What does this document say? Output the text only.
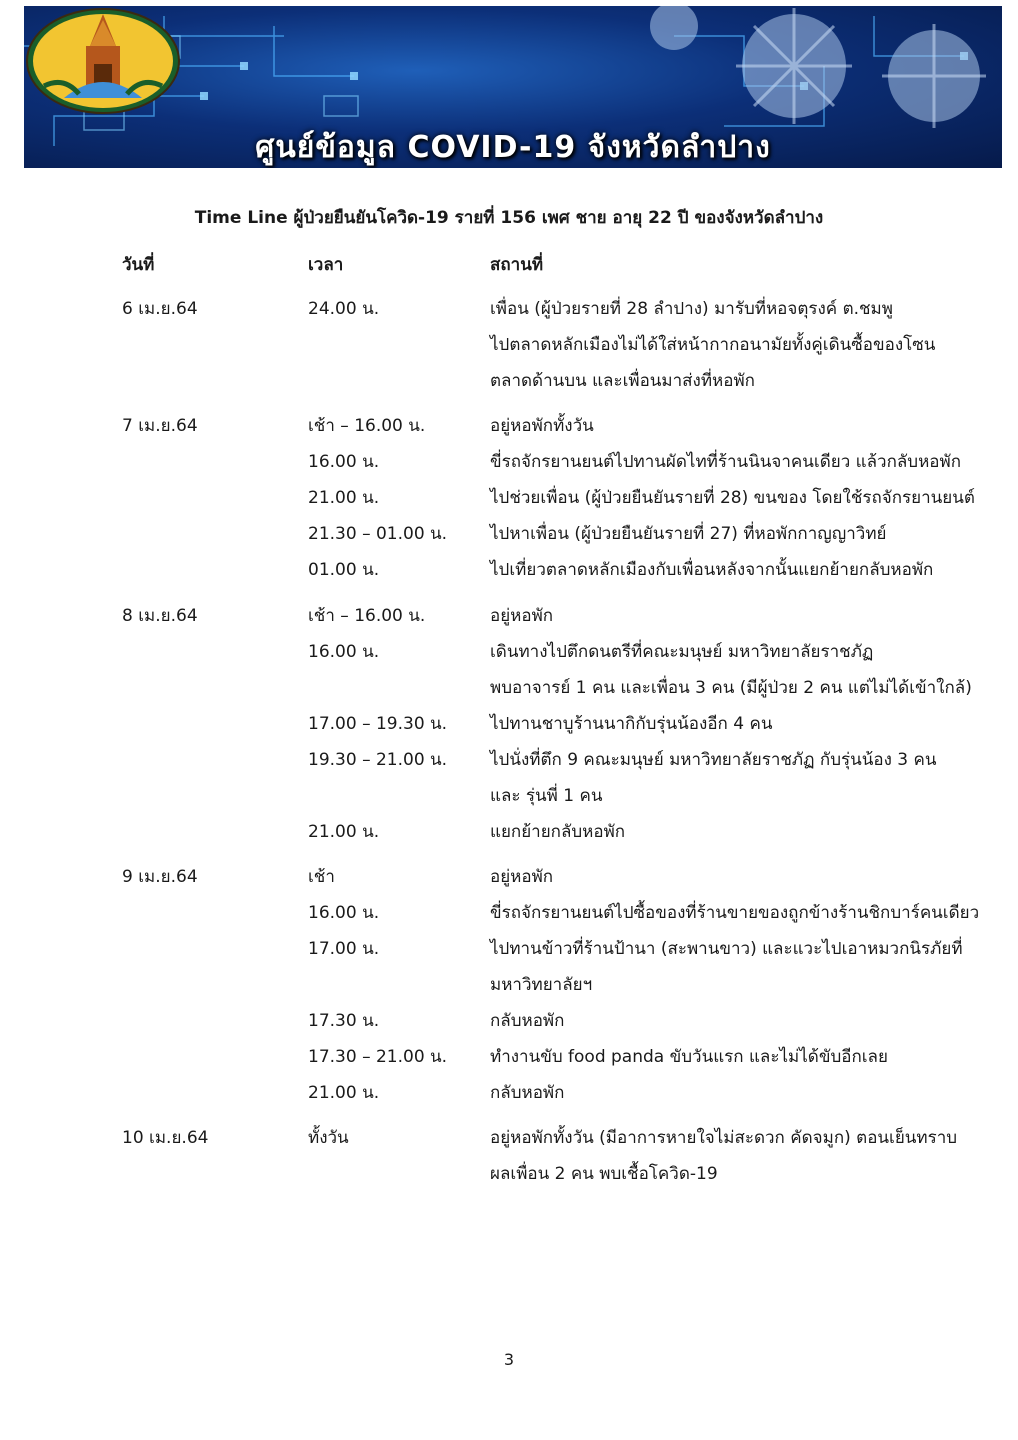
ศูนย์ข้อมูล COVID-19 จังหวัดลำปาง
Time Line ผู้ป่วยยืนยันโควิด-19 รายที่ 156 เพศ ชาย อายุ 22 ปี ของจังหวัดลำปาง
วันที่	เวลา	สถานที่
6 เม.ย.64	24.00 น.	เพื่อน (ผู้ป่วยรายที่ 28 ลำปาง) มารับที่หอจตุรงค์ ต.ชมพู
ไปตลาดหลักเมืองไม่ได้ใส่หน้ากากอนามัยทั้งคู่เดินซื้อของโซน
ตลาดด้านบน และเพื่อนมาส่งที่หอพัก
7 เม.ย.64	เช้า – 16.00 น.	อยู่หอพักทั้งวัน
16.00 น.	ขี่รถจักรยานยนต์ไปทานผัดไทที่ร้านนินจาคนเดียว แล้วกลับหอพัก
21.00 น.	ไปช่วยเพื่อน (ผู้ป่วยยืนยันรายที่ 28) ขนของ โดยใช้รถจักรยานยนต์
21.30 – 01.00 น.	ไปหาเพื่อน (ผู้ป่วยยืนยันรายที่ 27) ที่หอพักกาญญาวิทย์
01.00 น.	ไปเที่ยวตลาดหลักเมืองกับเพื่อนหลังจากนั้นแยกย้ายกลับหอพัก
8 เม.ย.64	เช้า – 16.00 น.	อยู่หอพัก
16.00 น.	เดินทางไปตึกดนตรีที่คณะมนุษย์ มหาวิทยาลัยราชภัฏ
พบอาจารย์ 1 คน และเพื่อน 3 คน (มีผู้ป่วย 2 คน แต่ไม่ได้เข้าใกล้)
17.00 – 19.30 น.	ไปทานชาบูร้านนากิกับรุ่นน้องอีก 4 คน
19.30 – 21.00 น.	ไปนั่งที่ตึก 9 คณะมนุษย์ มหาวิทยาลัยราชภัฏ กับรุ่นน้อง 3 คน
และ รุ่นพี่ 1 คน
21.00 น.	แยกย้ายกลับหอพัก
9 เม.ย.64	เช้า	อยู่หอพัก
16.00 น.	ขี่รถจักรยานยนต์ไปซื้อของที่ร้านขายของถูกข้างร้านชิกบาร์คนเดียว
17.00 น.	ไปทานข้าวที่ร้านป้านา (สะพานขาว) และแวะไปเอาหมวกนิรภัยที่
มหาวิทยาลัยฯ
17.30 น.	กลับหอพัก
17.30 – 21.00 น.	ทำงานขับ food panda ขับวันแรก และไม่ได้ขับอีกเลย
21.00 น.	กลับหอพัก
10 เม.ย.64	ทั้งวัน	อยู่หอพักทั้งวัน (มีอาการหายใจไม่สะดวก คัดจมูก) ตอนเย็นทราบ
ผลเพื่อน 2 คน พบเชื้อโควิด-19
3
